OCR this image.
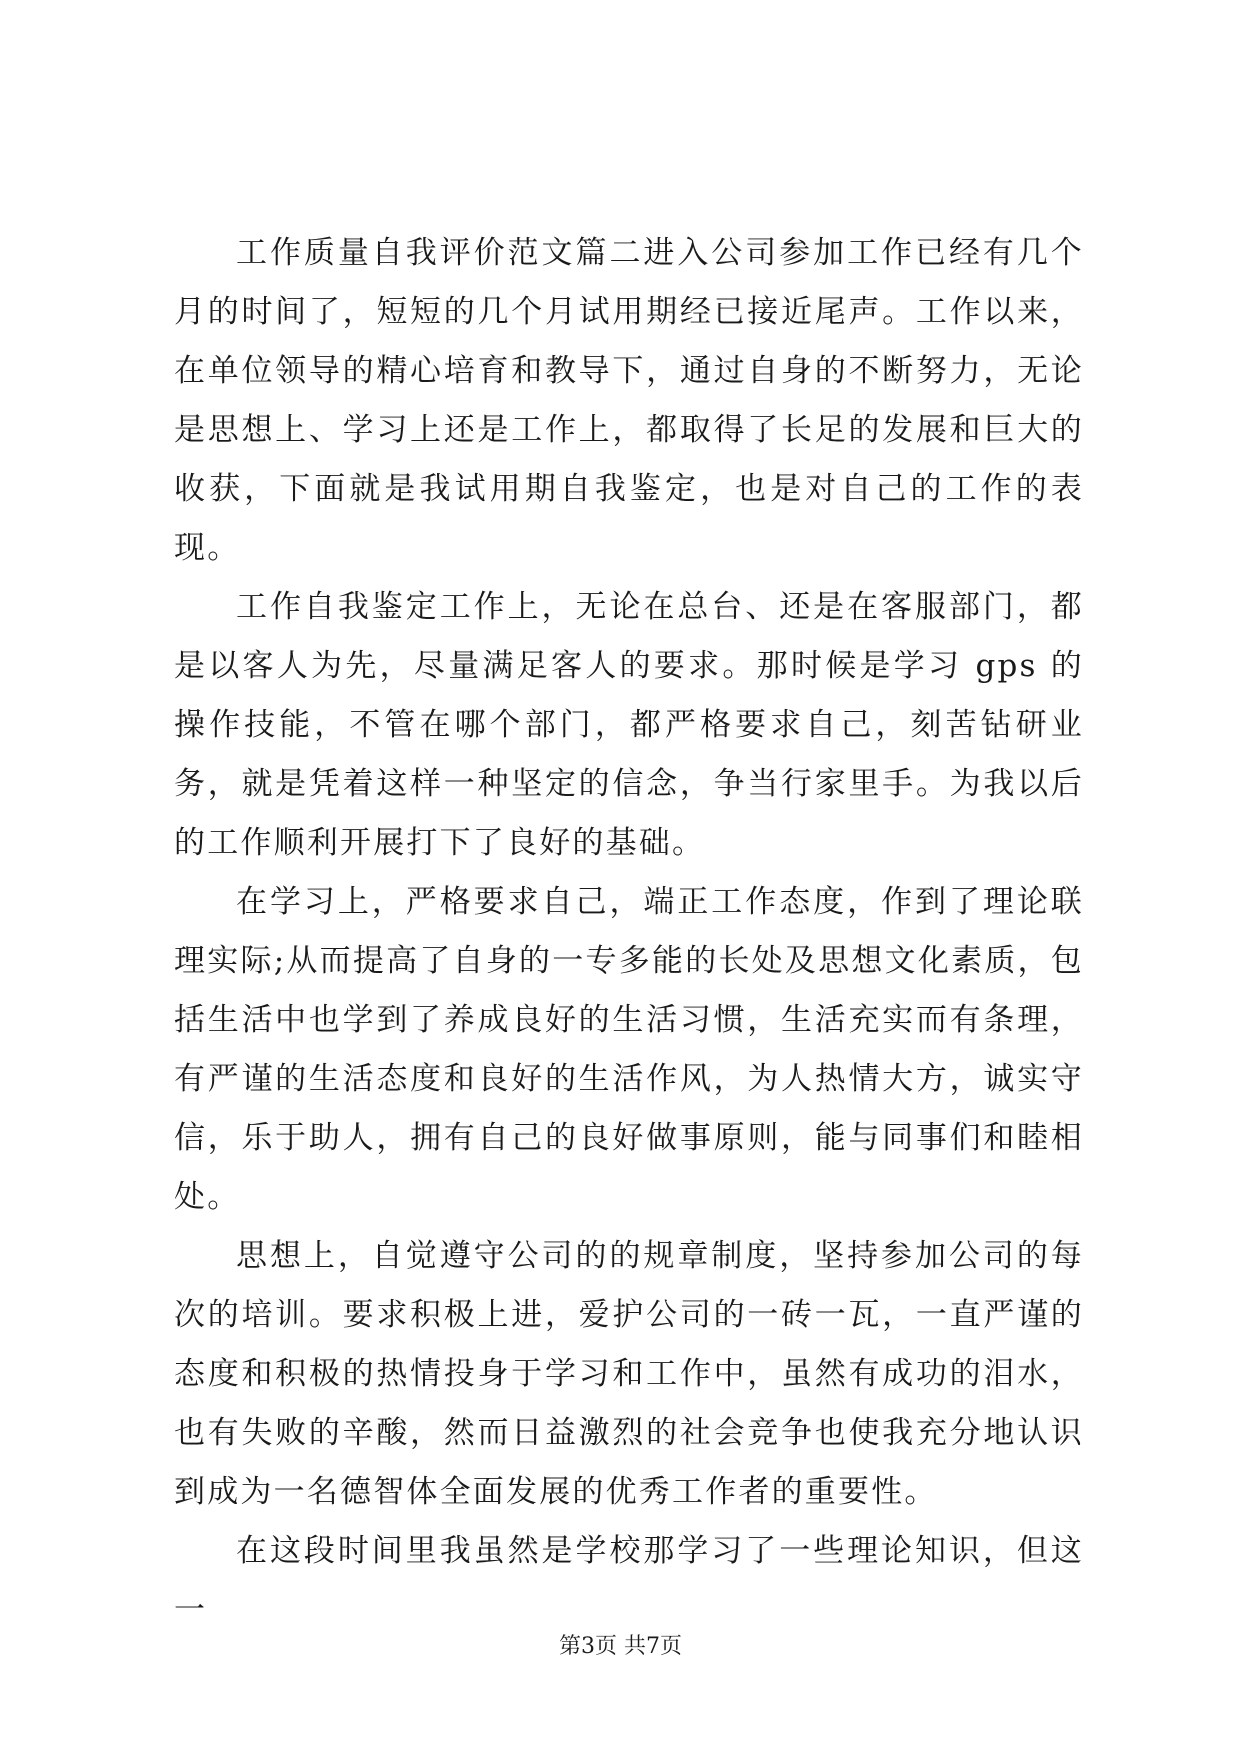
工作质量自我评价范文篇二进入公司参加工作已经有几个月的时间了，短短的几个月试用期经已接近尾声。工作以来，在单位领导的精心培育和教导下，通过自身的不断努力，无论是思想上、学习上还是工作上，都取得了长足的发展和巨大的收获，下面就是我试用期自我鉴定，也是对自己的工作的表现。

工作自我鉴定工作上，无论在总台、还是在客服部门，都是以客人为先，尽量满足客人的要求。那时候是学习 gps 的操作技能，不管在哪个部门，都严格要求自己，刻苦钻研业务，就是凭着这样一种坚定的信念，争当行家里手。为我以后的工作顺利开展打下了良好的基础。

在学习上，严格要求自己，端正工作态度，作到了理论联理实际;从而提高了自身的一专多能的长处及思想文化素质，包括生活中也学到了养成良好的生活习惯，生活充实而有条理，有严谨的生活态度和良好的生活作风，为人热情大方，诚实守信，乐于助人，拥有自己的良好做事原则，能与同事们和睦相处。

思想上，自觉遵守公司的的规章制度，坚持参加公司的每次的培训。要求积极上进，爱护公司的一砖一瓦，一直严谨的态度和积极的热情投身于学习和工作中，虽然有成功的泪水，也有失败的辛酸，然而日益激烈的社会竞争也使我充分地认识到成为一名德智体全面发展的优秀工作者的重要性。

在这段时间里我虽然是学校那学习了一些理论知识，但这一

第3页 共7页
